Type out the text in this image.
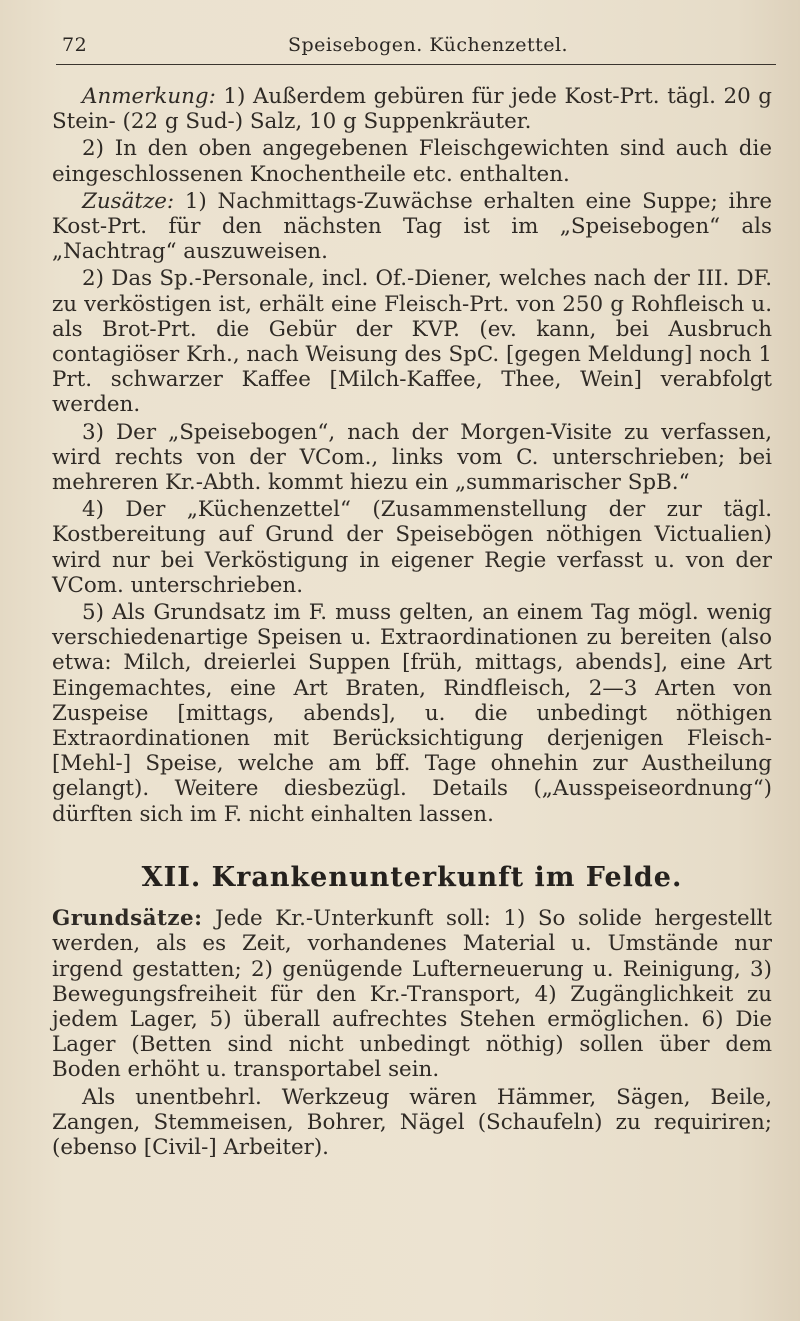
72	Speisebogen. Küchenzettel.

Anmerkung: 1) Außerdem gebüren für jede Kost-Prt. tägl. 20 g Stein- (22 g Sud-) Salz, 10 g Suppenkräuter.

2) In den oben angegebenen Fleischgewichten sind auch die eingeschlossenen Knochentheile etc. enthalten.

Zusätze: 1) Nachmittags-Zuwächse erhalten eine Suppe; ihre Kost-Prt. für den nächsten Tag ist im „Speisebogen“ als „Nachtrag“ auszuweisen.

2) Das Sp.-Personale, incl. Of.-Diener, welches nach der III. DF. zu verköstigen ist, erhält eine Fleisch-Prt. von 250 g Rohfleisch u. als Brot-Prt. die Gebür der KVP. (ev. kann, bei Ausbruch contagiöser Krh., nach Weisung des SpC. [gegen Meldung] noch 1 Prt. schwarzer Kaffee [Milch-Kaffee, Thee, Wein] verabfolgt werden.

3) Der „Speisebogen“, nach der Morgen-Visite zu verfassen, wird rechts von der VCom., links vom C. unterschrieben; bei mehreren Kr.-Abth. kommt hiezu ein „summarischer SpB.“

4) Der „Küchenzettel“ (Zusammenstellung der zur tägl. Kostbereitung auf Grund der Speisebögen nöthigen Victualien) wird nur bei Verköstigung in eigener Regie verfasst u. von der VCom. unterschrieben.

5) Als Grundsatz im F. muss gelten, an einem Tag mögl. wenig verschiedenartige Speisen u. Extraordinationen zu bereiten (also etwa: Milch, dreierlei Suppen [früh, mittags, abends], eine Art Eingemachtes, eine Art Braten, Rindfleisch, 2—3 Arten von Zuspeise [mittags, abends], u. die unbedingt nöthigen Extraordinationen mit Berücksichtigung derjenigen Fleisch- [Mehl-] Speise, welche am bff. Tage ohnehin zur Austheilung gelangt). Weitere diesbezügl. Details („Ausspeiseordnung“) dürften sich im F. nicht einhalten lassen.

XII. Krankenunterkunft im Felde.

Grundsätze: Jede Kr.-Unterkunft soll: 1) So solide hergestellt werden, als es Zeit, vorhandenes Material u. Umstände nur irgend gestatten; 2) genügende Lufterneuerung u. Reinigung, 3) Bewegungsfreiheit für den Kr.-Transport, 4) Zugänglichkeit zu jedem Lager, 5) überall aufrechtes Stehen ermöglichen. 6) Die Lager (Betten sind nicht unbedingt nöthig) sollen über dem Boden erhöht u. transportabel sein.

Als unentbehrl. Werkzeug wären Hämmer, Sägen, Beile, Zangen, Stemmeisen, Bohrer, Nägel (Schaufeln) zu requiriren; (ebenso [Civil-] Arbeiter).
